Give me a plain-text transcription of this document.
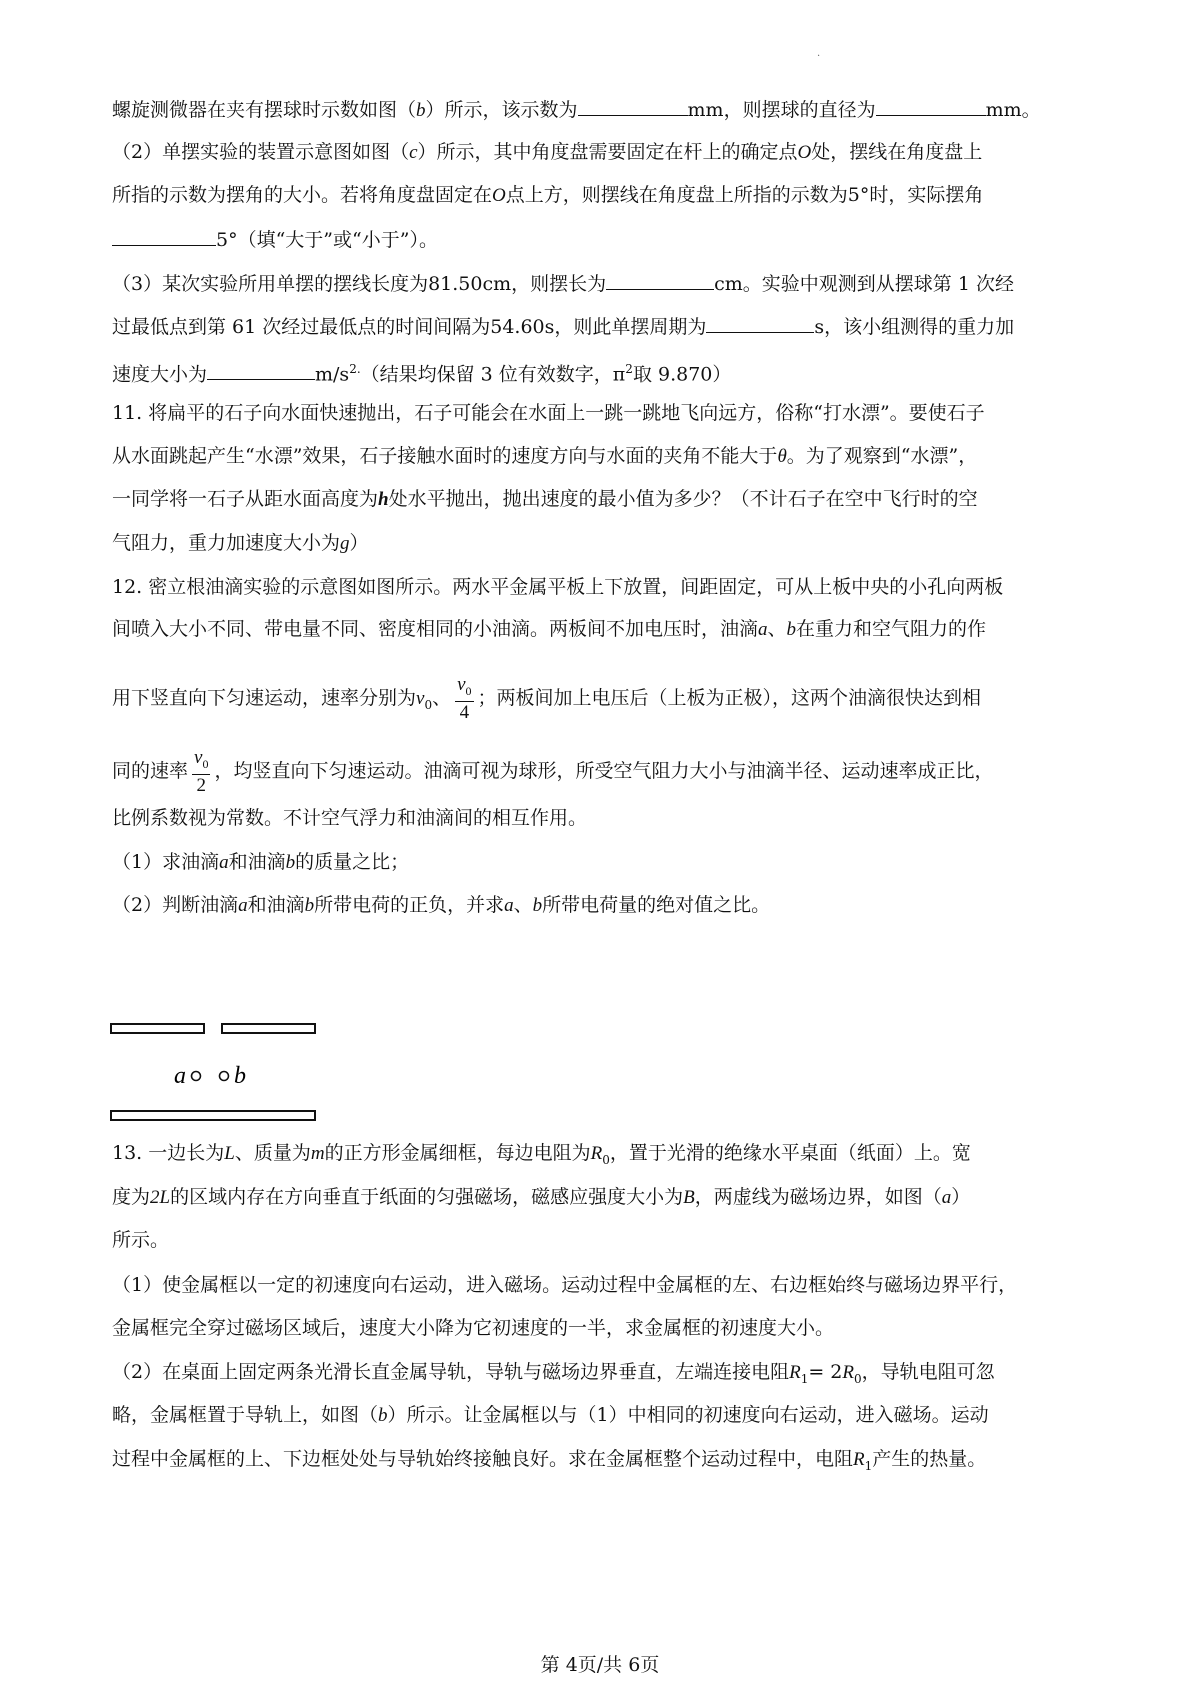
.
螺旋测微器在夹有摆球时示数如图（b）所示，该示数为	mm，则摆球的直径为	mm。
（2）单摆实验的装置示意图如图（c）所示，其中角度盘需要固定在杆上的确定点O处，摆线在角度盘上
所指的示数为摆角的大小。若将角度盘固定在O点上方，则摆线在角度盘上所指的示数为5°时，实际摆角
5°（填“大于”或“小于”）。
（3）某次实验所用单摆的摆线长度为81.50cm，则摆长为	cm。实验中观测到从摆球第 1 次经
过最低点到第 61 次经过最低点的时间间隔为54.60s，则此单摆周期为	s，该小组测得的重力加
速度大小为	$m/s^{2.}$（结果均保留 3 位有效数字，$\pi^2$取 9.870）
11. 将扁平的石子向水面快速抛出，石子可能会在水面上一跳一跳地飞向远方，俗称“打水漂”。要使石子
从水面跳起产生“水漂”效果，石子接触水面时的速度方向与水面的夹角不能大于θ。为了观察到“水漂”，
一同学将一石子从距水面高度为h处水平抛出，抛出速度的最小值为多少？（不计石子在空中飞行时的空
气阻力，重力加速度大小为g）
12. 密立根油滴实验的示意图如图所示。两水平金属平板上下放置，间距固定，可从上板中央的小孔向两板
间喷入大小不同、带电量不同、密度相同的小油滴。两板间不加电压时，油滴a、b在重力和空气阻力的作
用下竖直向下匀速运动，速率分别为$v_0$、 $\frac{v_0}{4}$ ；两板间加上电压后（上板为正极），这两个油滴很快达到相
同的速率 $\frac{v_0}{2}$ ，均竖直向下匀速运动。油滴可视为球形，所受空气阻力大小与油滴半径、运动速率成正比，
比例系数视为常数。不计空气浮力和油滴间的相互作用。
（1）求油滴a和油滴b的质量之比；
（2）判断油滴a和油滴b所带电荷的正负，并求a、b所带电荷量的绝对值之比。
a b
13. 一边长为L、质量为m的正方形金属细框，每边电阻为$R_0$，置于光滑的绝缘水平桌面（纸面）上。宽
度为2L的区域内存在方向垂直于纸面的匀强磁场，磁感应强度大小为B，两虚线为磁场边界，如图（a）
所示。
（1）使金属框以一定的初速度向右运动，进入磁场。运动过程中金属框的左、右边框始终与磁场边界平行，
金属框完全穿过磁场区域后，速度大小降为它初速度的一半，求金属框的初速度大小。
（2）在桌面上固定两条光滑长直金属导轨，导轨与磁场边界垂直，左端连接电阻$R_1= 2R_0$，导轨电阻可忽
略，金属框置于导轨上，如图（b）所示。让金属框以与（1）中相同的初速度向右运动，进入磁场。运动
过程中金属框的上、下边框处处与导轨始终接触良好。求在金属框整个运动过程中，电阻$R_1$产生的热量。
第 4页/共 6页
